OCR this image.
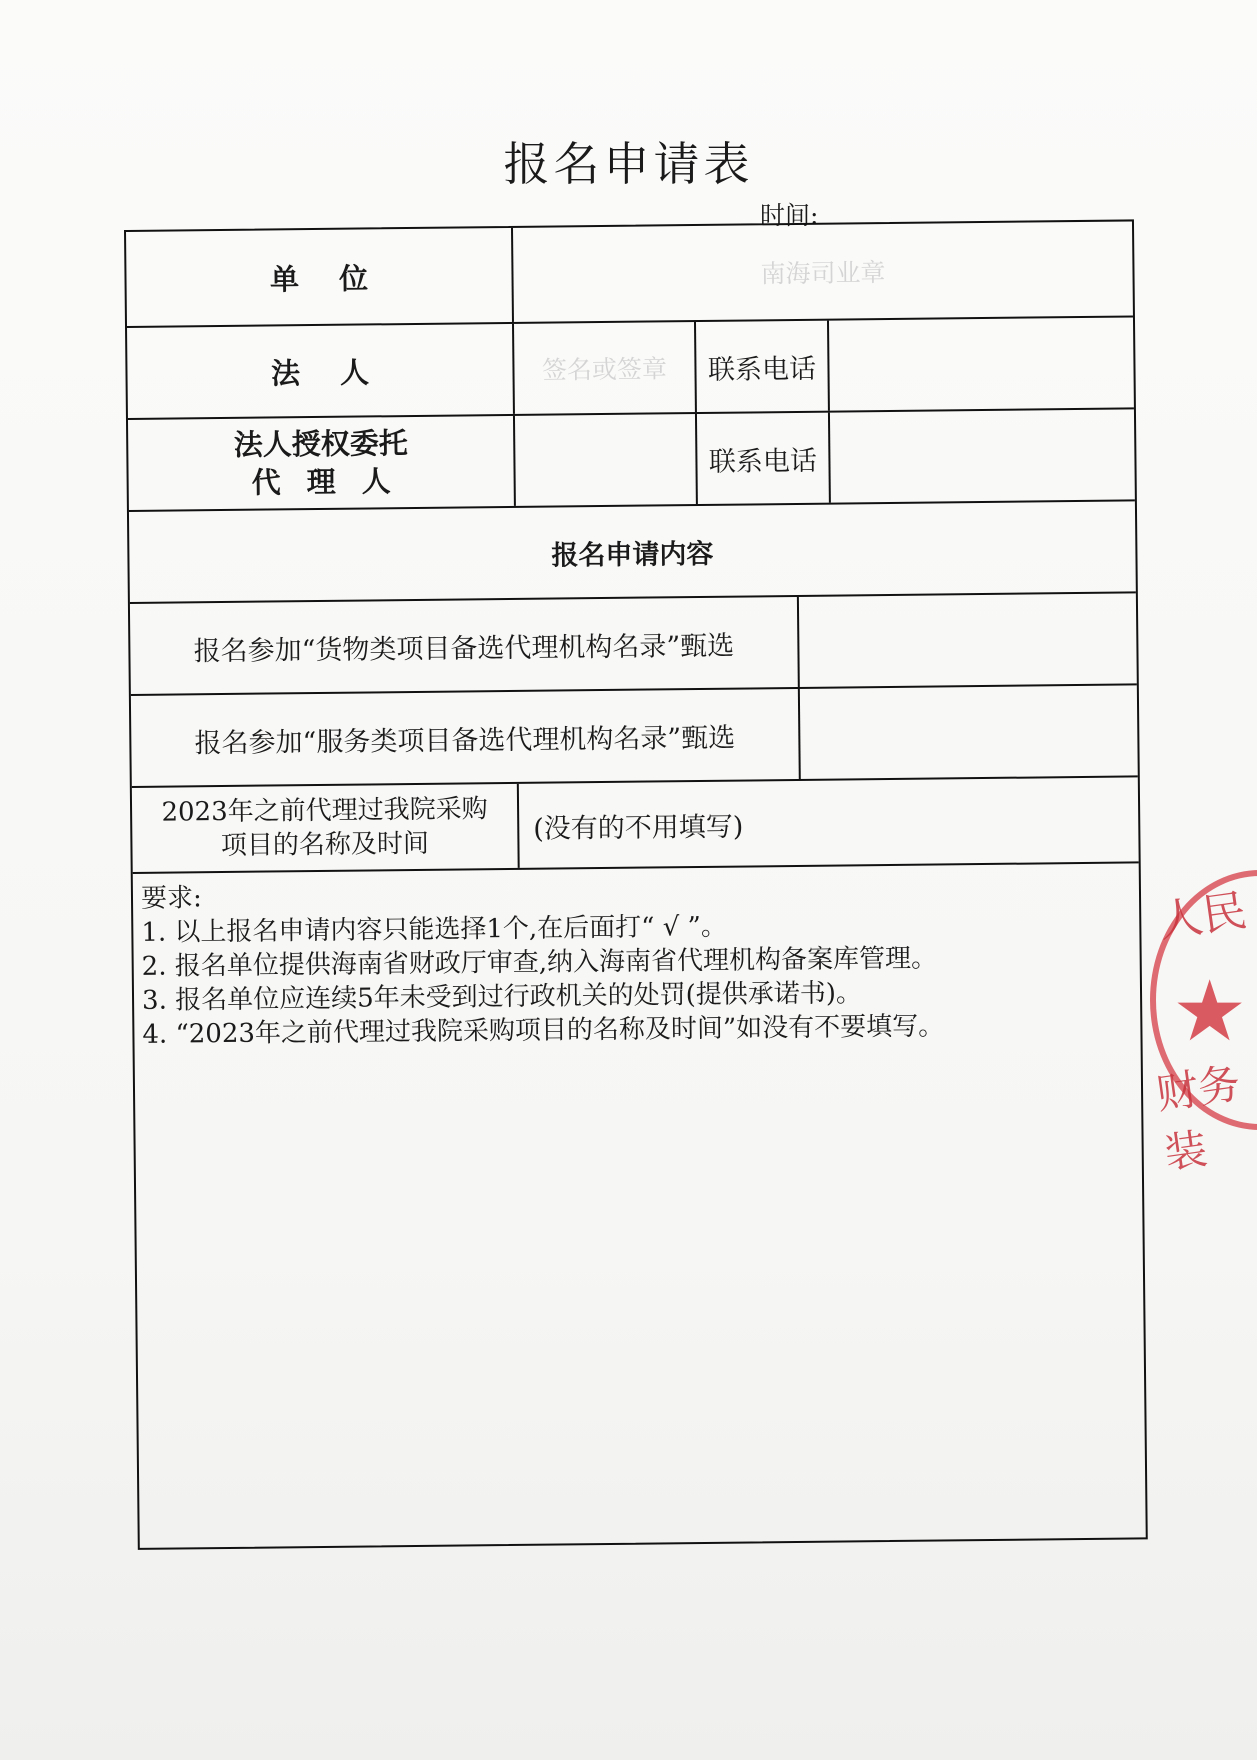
报名申请表
时间:
单位	南海司业章
法人	签名或签章 联系电话
法人授权委托
代理人
联系电话
报名申请内容
报名参加“货物类项目备选代理机构名录”甄选
报名参加“服务类项目备选代理机构名录”甄选
2023年之前代理过我院采购
项目的名称及时间
(没有的不用填写)
要求:
1. 以上报名申请内容只能选择1个,在后面打“ √ ”。
2. 报名单位提供海南省财政厅审查,纳入海南省代理机构备案库管理。
3. 报名单位应连续5年未受到过行政机关的处罚(提供承诺书)。
4. “2023年之前代理过我院采购项目的名称及时间”如没有不要填写。
人民
★
财务装
